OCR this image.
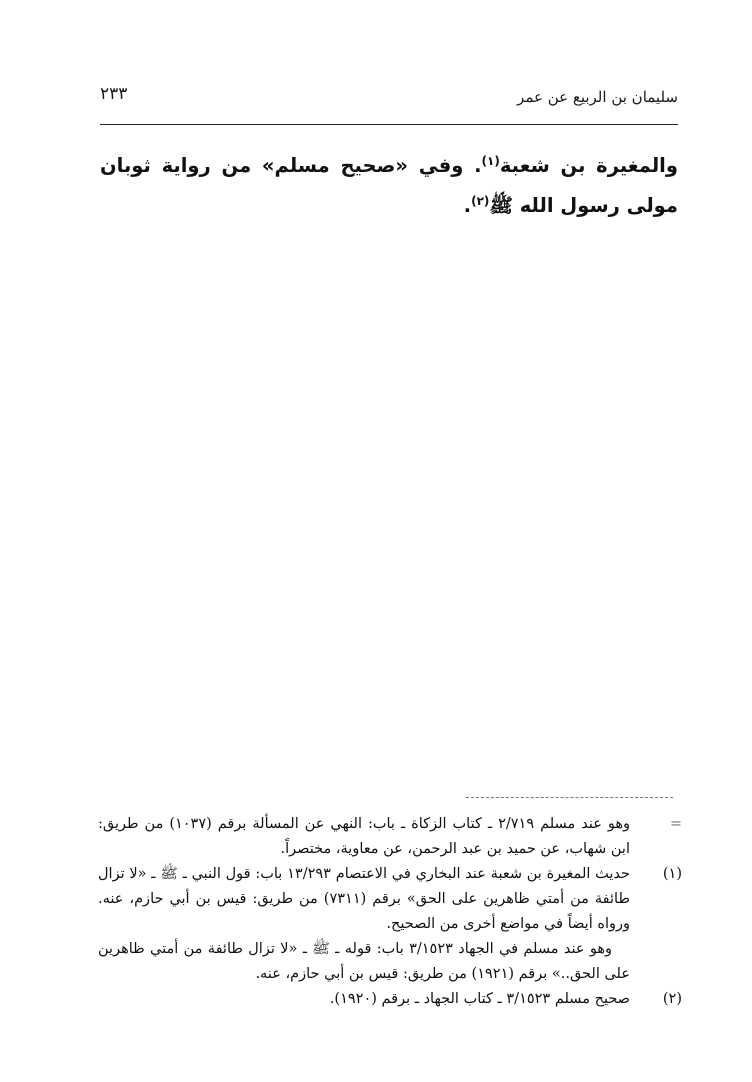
سليمان بن الربيع عن عمر
٢٣٣
والمغيرة بن شعبة$^{(١)}$. وفي «صحيح مسلم» من رواية ثوبان مولى رسول الله ﷺ$^{(٢)}$.
=
وهو عند مسلم ٢/٧١٩ ـ كتاب الزكاة ـ باب: النهي عن المسألة برقم (١٠٣٧) من طريق: ابن شهاب، عن حميد بن عبد الرحمن، عن معاوية، مختصراً.
(١)
حديث المغيرة بن شعبة عند البخاري في الاعتصام ١٣/٢٩٣ باب: قول النبي ـ ﷺ ـ «لا تزال طائفة من أمتي ظاهرين على الحق» برقم (٧٣١١) من طريق: قيس بن أبي حازم، عنه. ورواه أيضاً في مواضع أخرى من الصحيح.
وهو عند مسلم في الجهاد ٣/١٥٢٣ باب: قوله ـ ﷺ ـ «لا تزال طائفة من أمتي ظاهرين على الحق..» برقم (١٩٢١) من طريق: قيس بن أبي حازم، عنه.
(٢)
صحيح مسلم ٣/١٥٢٣ ـ كتاب الجهاد ـ برقم (١٩٢٠).
